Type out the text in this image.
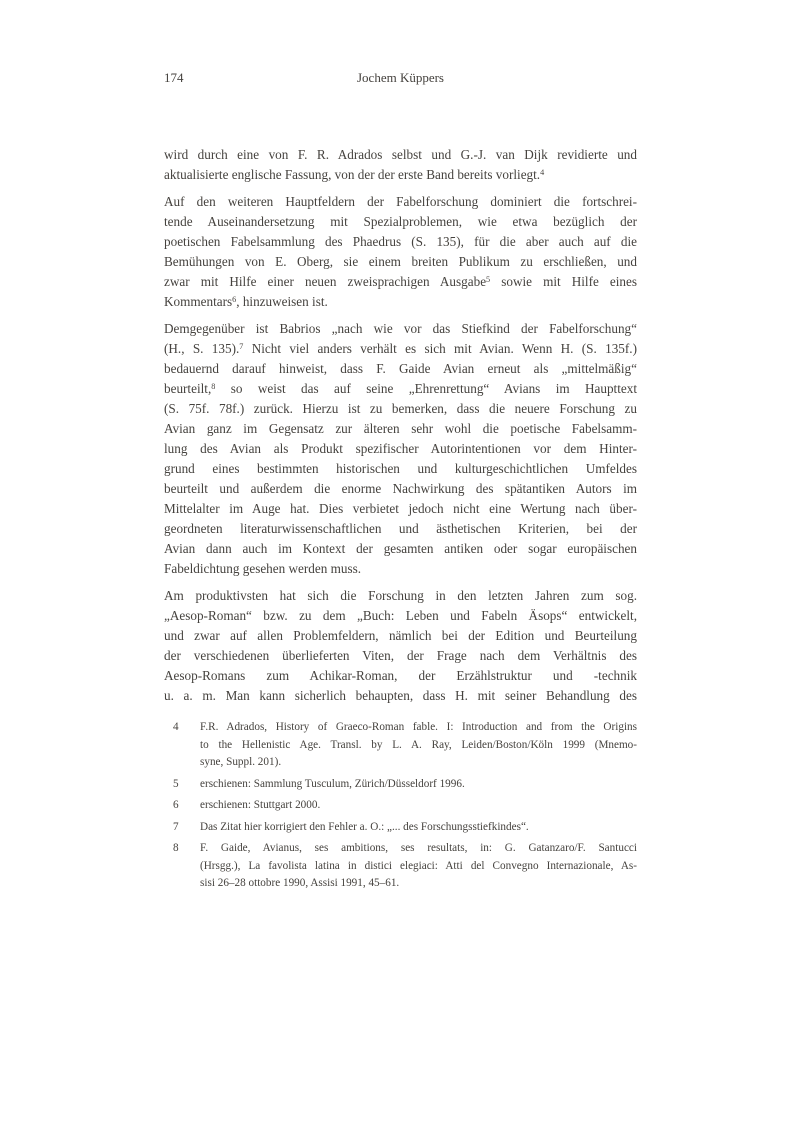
174	Jochem Küppers
wird durch eine von F. R. Adrados selbst und G.-J. van Dijk revidierte und
aktualisierte englische Fassung, von der der erste Band bereits vorliegt.$^4$
Auf den weiteren Hauptfeldern der Fabelforschung dominiert die fortschrei-
tende Auseinandersetzung mit Spezialproblemen, wie etwa bezüglich der
poetischen Fabelsammlung des Phaedrus (S. 135), für die aber auch auf die
Bemühungen von E. Oberg, sie einem breiten Publikum zu erschließen, und
zwar mit Hilfe einer neuen zweisprachigen Ausgabe$^5$ sowie mit Hilfe eines
Kommentars$^6$, hinzuweisen ist.
Demgegenüber ist Babrios „nach wie vor das Stiefkind der Fabelforschung“
(H., S. 135).$^7$ Nicht viel anders verhält es sich mit Avian. Wenn H. (S. 135f.)
bedauernd darauf hinweist, dass F. Gaide Avian erneut als „mittelmäßig“
beurteilt,$^8$ so weist das auf seine „Ehrenrettung“ Avians im Haupttext
(S. 75f. 78f.) zurück. Hierzu ist zu bemerken, dass die neuere Forschung zu
Avian ganz im Gegensatz zur älteren sehr wohl die poetische Fabelsamm-
lung des Avian als Produkt spezifischer Autorintentionen vor dem Hinter-
grund eines bestimmten historischen und kulturgeschichtlichen Umfeldes
beurteilt und außerdem die enorme Nachwirkung des spätantiken Autors im
Mittelalter im Auge hat. Dies verbietet jedoch nicht eine Wertung nach über-
geordneten literaturwissenschaftlichen und ästhetischen Kriterien, bei der
Avian dann auch im Kontext der gesamten antiken oder sogar europäischen
Fabeldichtung gesehen werden muss.
Am produktivsten hat sich die Forschung in den letzten Jahren zum sog.
„Aesop-Roman“ bzw. zu dem „Buch: Leben und Fabeln Äsops“ entwickelt,
und zwar auf allen Problemfeldern, nämlich bei der Edition und Beurteilung
der verschiedenen überlieferten Viten, der Frage nach dem Verhältnis des
Aesop-Romans zum Achikar-Roman, der Erzählstruktur und -technik
u. a. m. Man kann sicherlich behaupten, dass H. mit seiner Behandlung des
4	F.R. Adrados, History of Graeco-Roman fable. I: Introduction and from the Origins
to the Hellenistic Age. Transl. by L. A. Ray, Leiden/Boston/Köln 1999 (Mnemo-
syne, Suppl. 201).
5	erschienen: Sammlung Tusculum, Zürich/Düsseldorf 1996.
6	erschienen: Stuttgart 2000.
7	Das Zitat hier korrigiert den Fehler a. O.: „... des Forschungsstiefkindes“.
8	F. Gaide, Avianus, ses ambitions, ses resultats, in: G. Gatanzaro/F. Santucci
(Hrsgg.), La favolista latina in distici elegiaci: Atti del Convegno Internazionale, As-
sisi 26–28 ottobre 1990, Assisi 1991, 45–61.
